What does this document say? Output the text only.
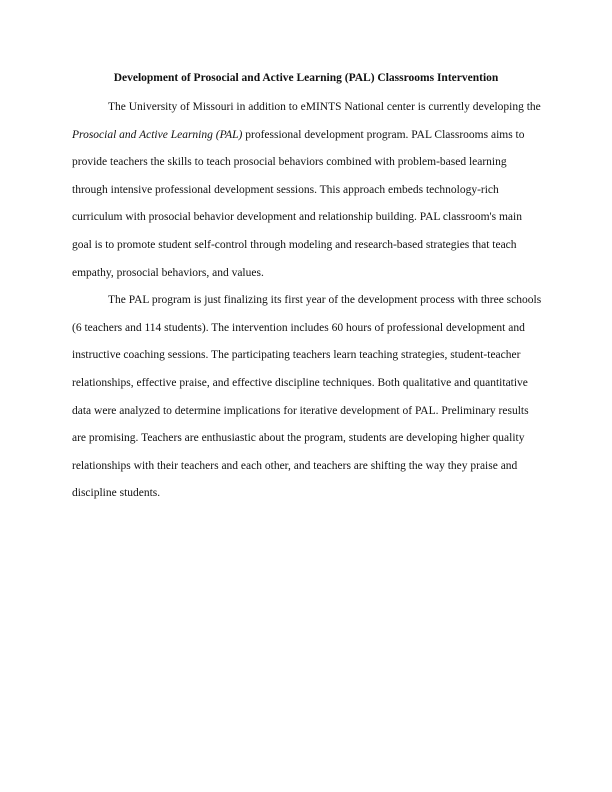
Development of Prosocial and Active Learning (PAL) Classrooms Intervention

The University of Missouri in addition to eMINTS National center is currently developing the Prosocial and Active Learning (PAL) professional development program. PAL Classrooms aims to provide teachers the skills to teach prosocial behaviors combined with problem-based learning through intensive professional development sessions. This approach embeds technology-rich curriculum with prosocial behavior development and relationship building. PAL classroom's main goal is to promote student self-control through modeling and research-based strategies that teach empathy, prosocial behaviors, and values.

The PAL program is just finalizing its first year of the development process with three schools (6 teachers and 114 students). The intervention includes 60 hours of professional development and instructive coaching sessions. The participating teachers learn teaching strategies, student-teacher relationships, effective praise, and effective discipline techniques. Both qualitative and quantitative data were analyzed to determine implications for iterative development of PAL. Preliminary results are promising. Teachers are enthusiastic about the program, students are developing higher quality relationships with their teachers and each other, and teachers are shifting the way they praise and discipline students.
